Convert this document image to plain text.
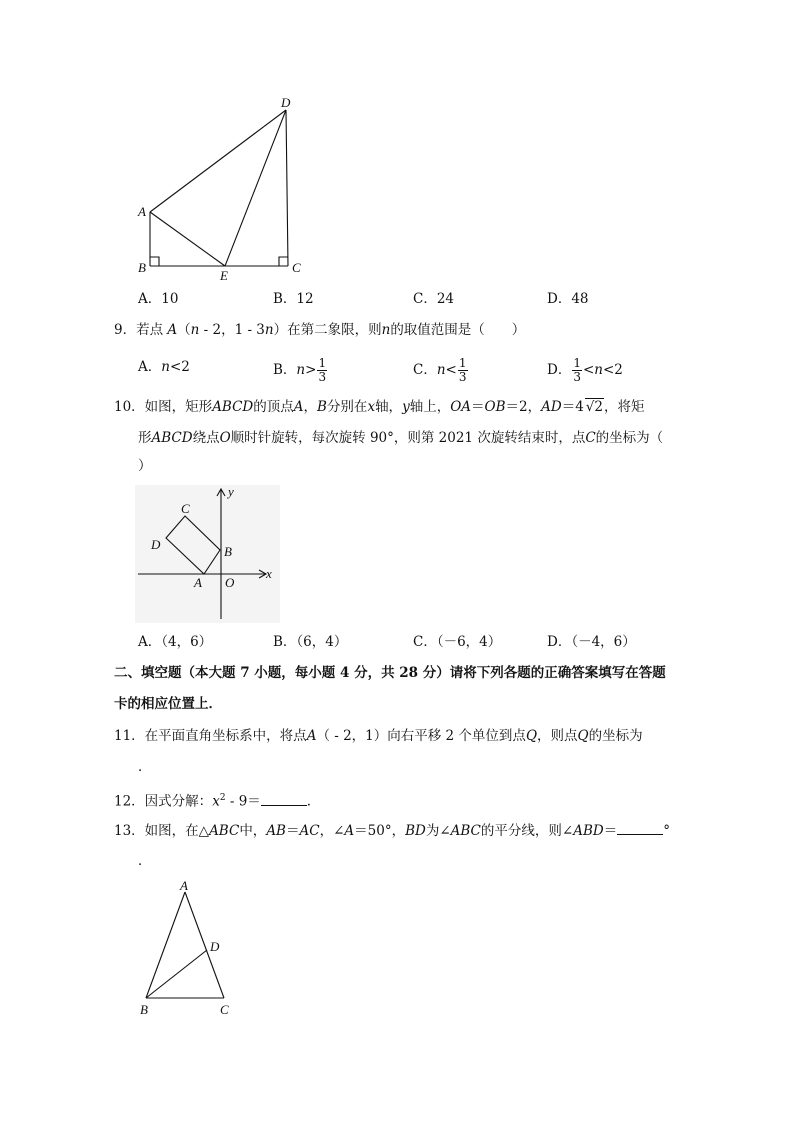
D
A
B
E
C
A．10	B．12	C．24	D．48
9．若点 A（n - 2，1 - 3n）在第二象限，则n的取值范围是（　　）
A．n<2	B．$n> \frac{1}{3}$	C．$n< \frac{1}{3}$	D． $\frac{1}{3} <n<2$
10．如图，矩形ABCD的顶点A，B分别在x轴，y轴上，OA＝OB＝2，AD＝4 √2，将矩
形ABCD绕点O顺时针旋转，每次旋转 90°，则第 2021 次旋转结束时，点C的坐标为（
）
y
x
C
D	B
A O
A．（4，6）	B．（6，4）	C．（－6，4）	D．（－4，6）
二、填空题（本大题 7 小题，每小题 4 分，共 28 分）请将下列各题的正确答案填写在答题
卡的相应位置上．
11．在平面直角坐标系中，将点A（ - 2，1）向右平移 2 个单位到点Q，则点Q的坐标为
．
12．因式分解：$x^2 - 9=$	．
13．如图，在△ABC中，AB＝AC，∠A＝50°，BD为∠ABC的平分线，则∠ABD＝	°
．
A
D
B	C
